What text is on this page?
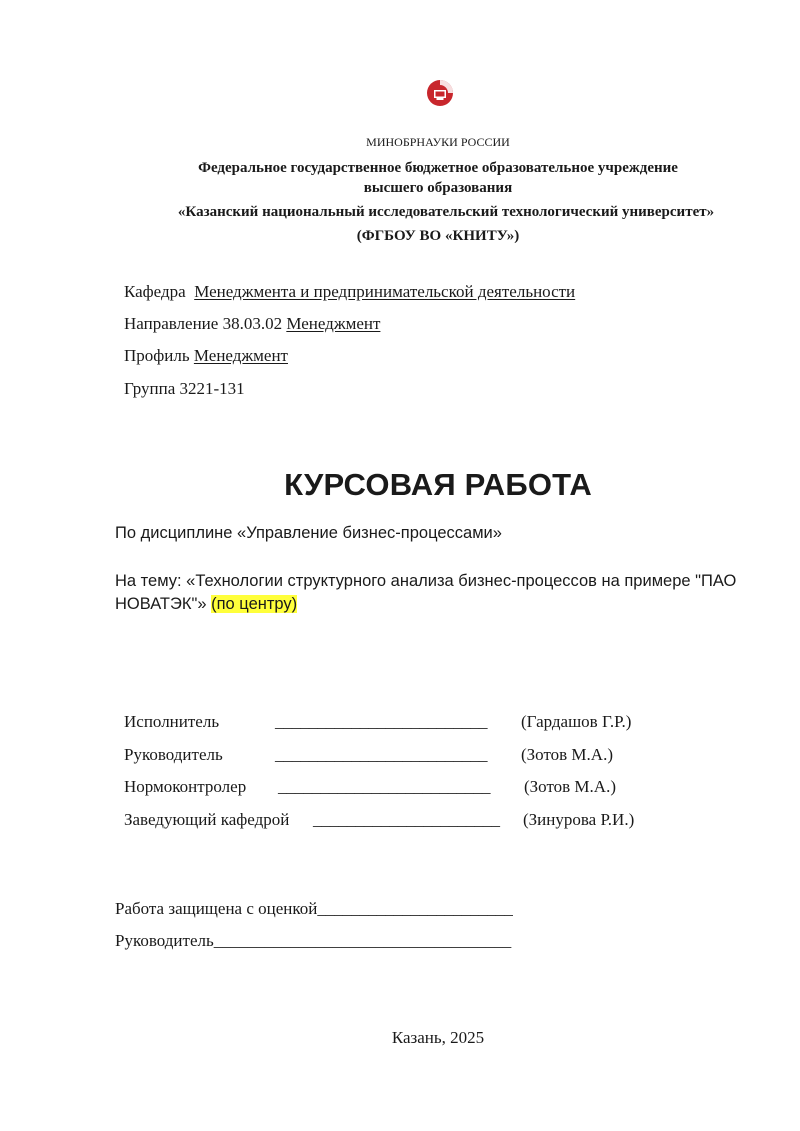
МИНОБРНАУКИ РОССИИ
Федеральное государственное бюджетное образовательное учреждение
высшего образования
«Казанский национальный исследовательский технологический университет»
(ФГБОУ ВО «КНИТУ»)
Кафедра Менеджмента и предпринимательской деятельности
Направление 38.03.02 Менеджмент
Профиль Менеджмент
Группа 3221-131
КУРСОВАЯ РАБОТА
По дисциплине «Управление бизнес-процессами»
На тему: «Технологии структурного анализа бизнес-процессов на примере "ПАО
НОВАТЭК"» (по центру)
Исполнитель	_________________________ (Гардашов Г.Р.)
Руководитель	_________________________ (Зотов М.А.)
Нормоконтролер _________________________ (Зотов М.А.)
Заведующий кафедрой ______________________ (Зинурова Р.И.)
Работа защищена с оценкой_______________________
Руководитель___________________________________
Казань, 2025
